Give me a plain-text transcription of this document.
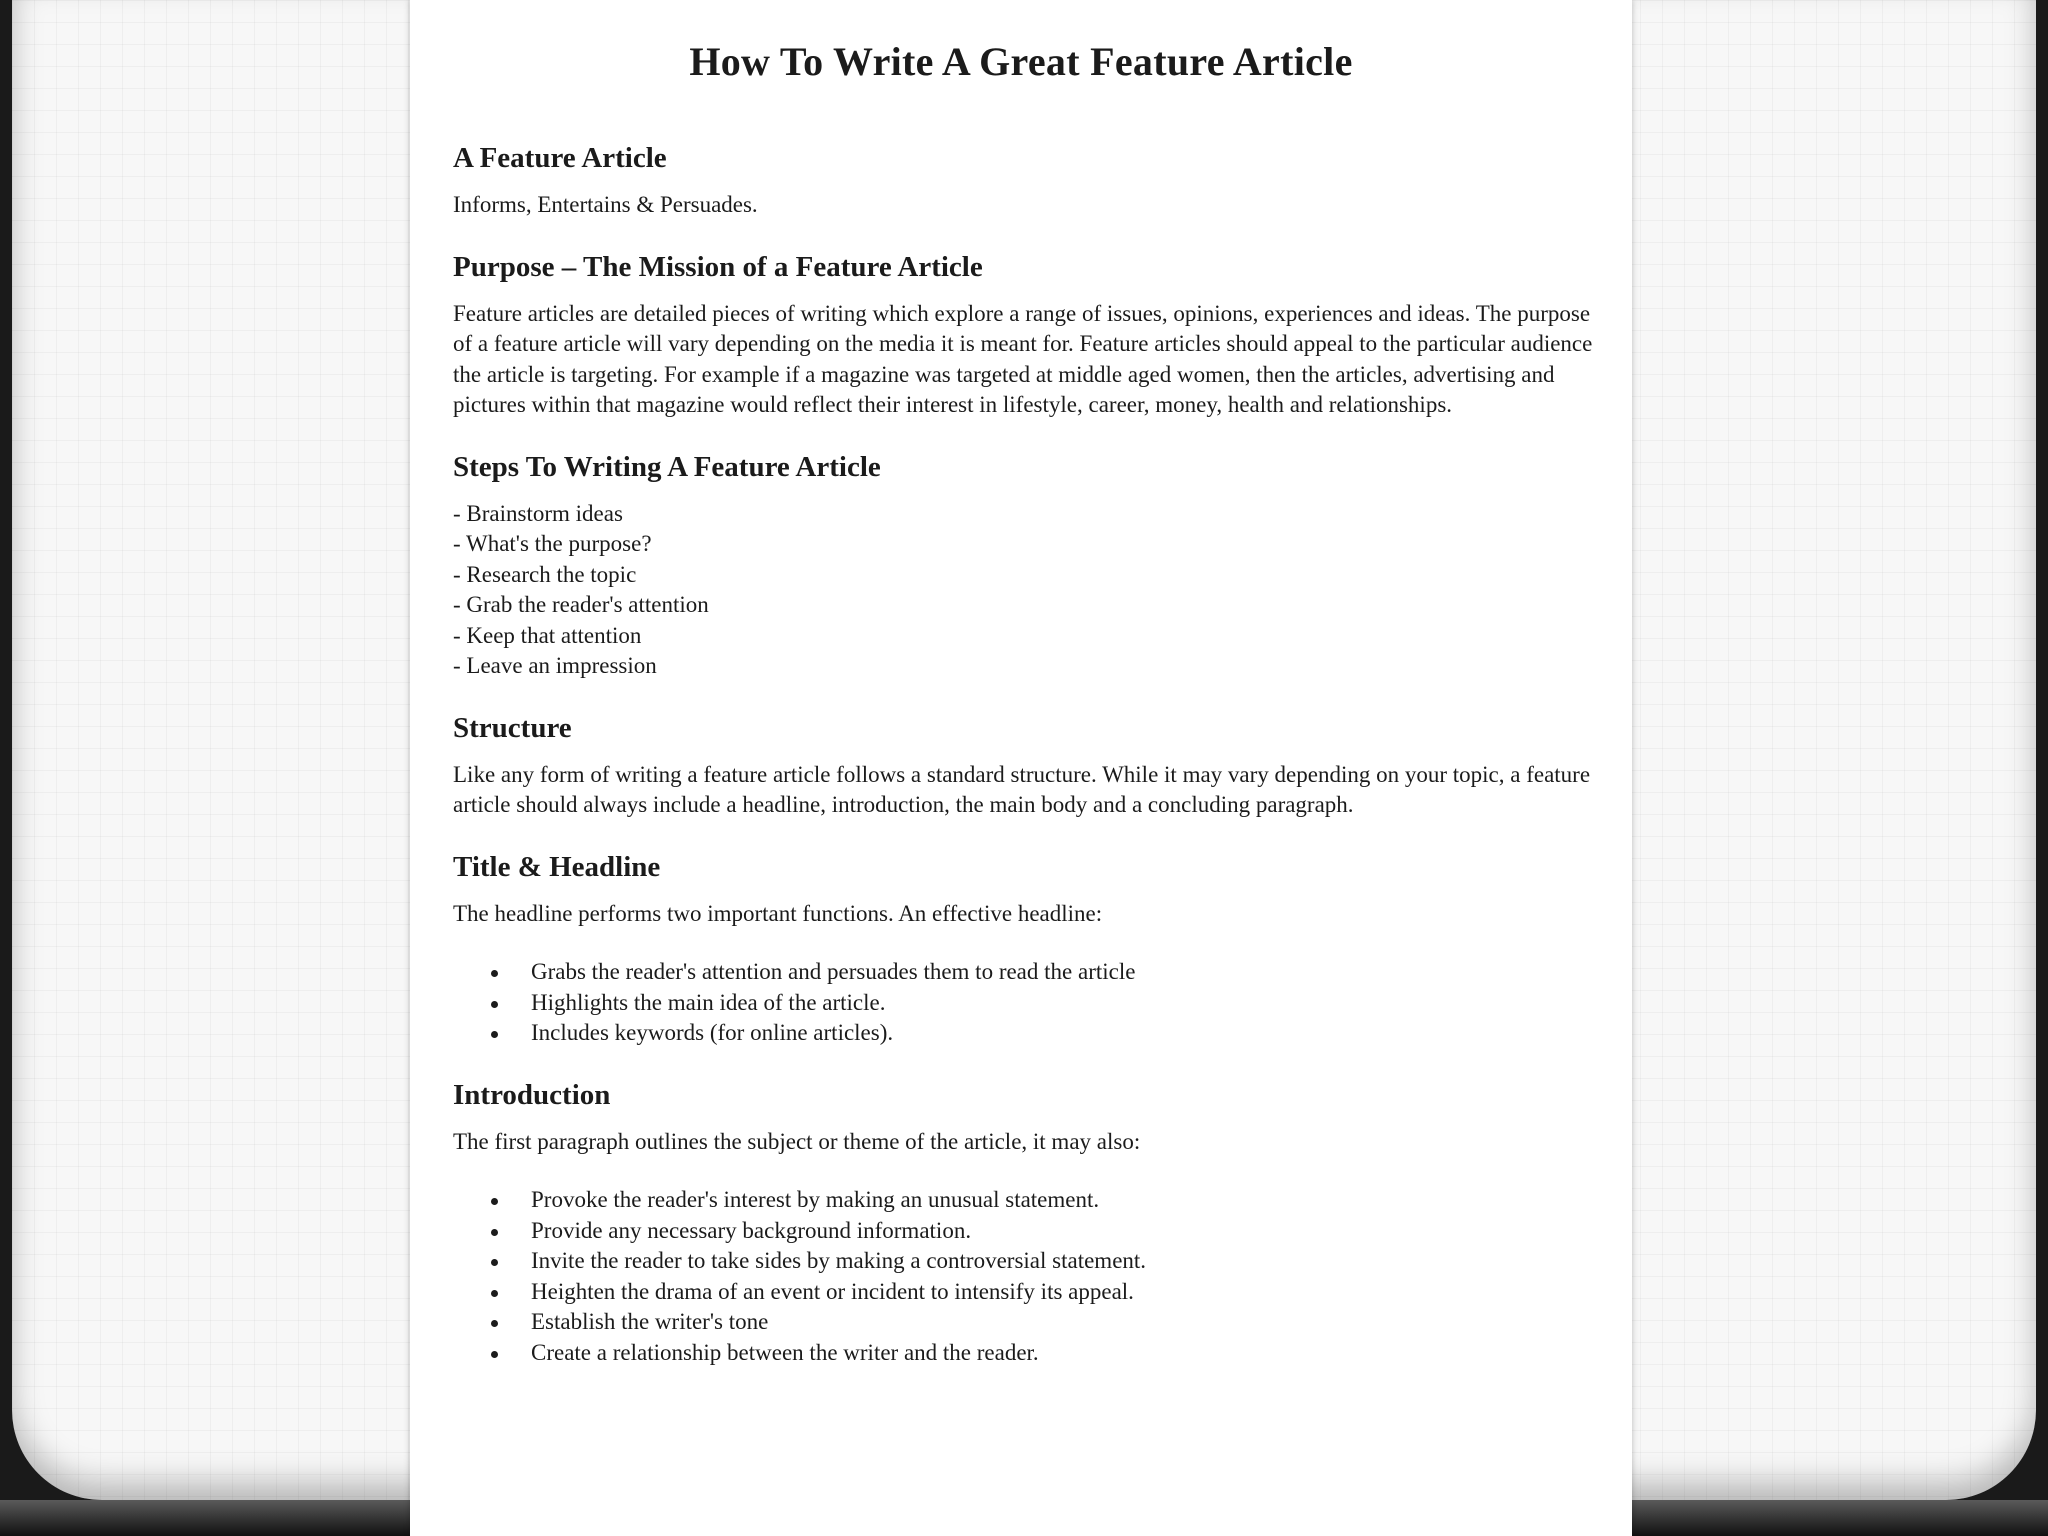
How To Write A Great Feature Article
A Feature Article

Informs, Entertains & Persuades.

Purpose – The Mission of a Feature Article

Feature articles are detailed pieces of writing which explore a range of issues, opinions, experiences and ideas. The purpose of a feature article will vary depending on the media it is meant for. Feature articles should appeal to the particular audience the article is targeting. For example if a magazine was targeted at middle aged women, then the articles, advertising and pictures within that magazine would reflect their interest in lifestyle, career, money, health and relationships.

Steps To Writing A Feature Article
- Brainstorm ideas
- What's the purpose?
- Research the topic
- Grab the reader's attention
- Keep that attention
- Leave an impression
Structure

Like any form of writing a feature article follows a standard structure. While it may vary depending on your topic, a feature article should always include a headline, introduction, the main body and a concluding paragraph.

Title & Headline

The headline performs two important functions. An effective headline:

Grabs the reader's attention and persuades them to read the article
Highlights the main idea of the article.
Includes keywords (for online articles).
Introduction

The first paragraph outlines the subject or theme of the article, it may also:

Provoke the reader's interest by making an unusual statement.
Provide any necessary background information.
Invite the reader to take sides by making a controversial statement.
Heighten the drama of an event or incident to intensify its appeal.
Establish the writer's tone
Create a relationship between the writer and the reader.
